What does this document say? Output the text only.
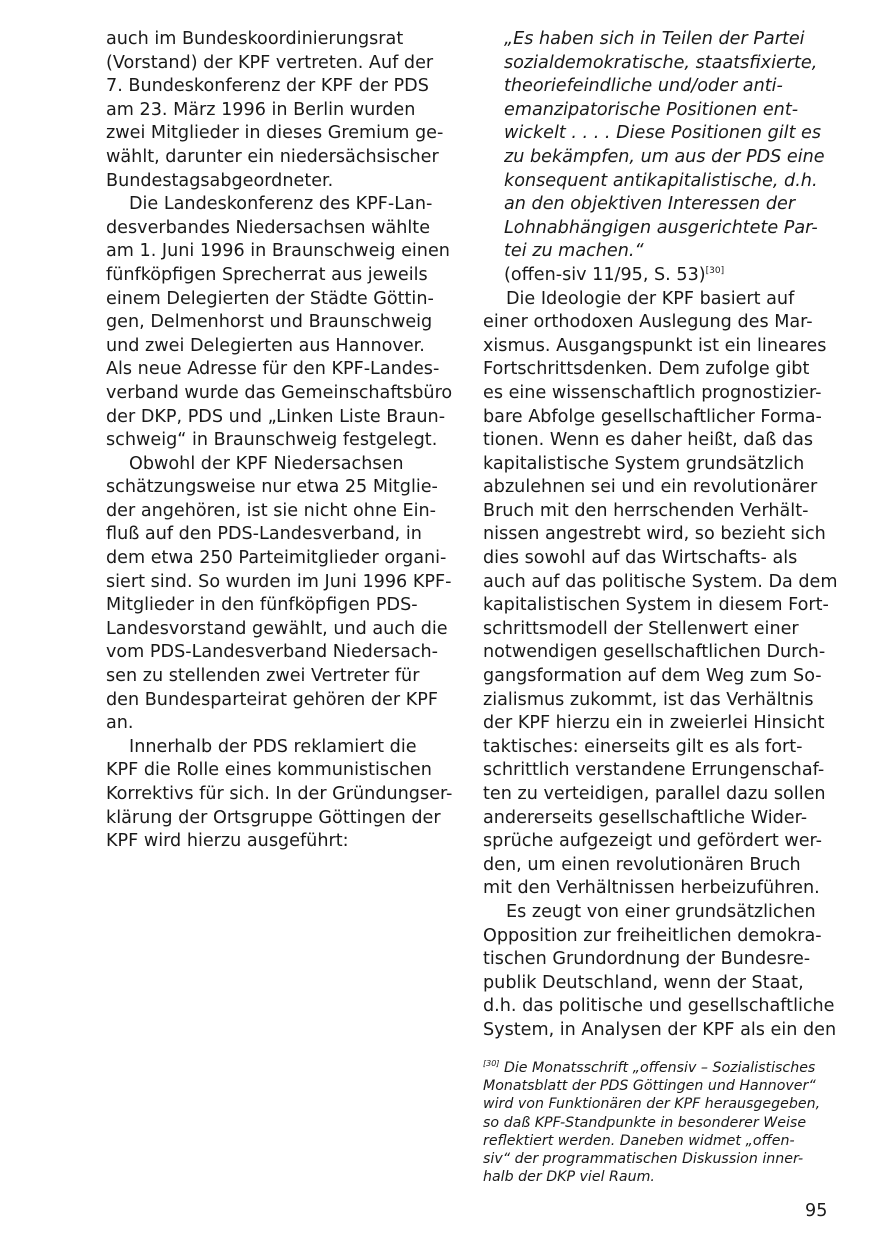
auch im Bundeskoordinierungsrat
(Vorstand) der KPF vertreten. Auf der
7. Bundeskonferenz der KPF der PDS
am 23. März 1996 in Berlin wurden
zwei Mitglieder in dieses Gremium ge-
wählt, darunter ein niedersächsischer
Bundestagsabgeordneter.
Die Landeskonferenz des KPF-Lan-
desverbandes Niedersachsen wählte
am 1. Juni 1996 in Braunschweig einen
fünfköpfigen Sprecherrat aus jeweils
einem Delegierten der Städte Göttin-
gen, Delmenhorst und Braunschweig
und zwei Delegierten aus Hannover.
Als neue Adresse für den KPF-Landes-
verband wurde das Gemeinschaftsbüro
der DKP, PDS und „Linken Liste Braun-
schweig“ in Braunschweig festgelegt.
Obwohl der KPF Niedersachsen
schätzungsweise nur etwa 25 Mitglie-
der angehören, ist sie nicht ohne Ein-
fluß auf den PDS-Landesverband, in
dem etwa 250 Parteimitglieder organi-
siert sind. So wurden im Juni 1996 KPF-
Mitglieder in den fünfköpfigen PDS-
Landesvorstand gewählt, und auch die
vom PDS-Landesverband Niedersach-
sen zu stellenden zwei Vertreter für
den Bundesparteirat gehören der KPF
an.
Innerhalb der PDS reklamiert die
KPF die Rolle eines kommunistischen
Korrektivs für sich. In der Gründungser-
klärung der Ortsgruppe Göttingen der
KPF wird hierzu ausgeführt:
„Es haben sich in Teilen der Partei
sozialdemokratische, staatsfixierte,
theoriefeindliche und/oder anti-
emanzipatorische Positionen ent-
wickelt . . . . Diese Positionen gilt es
zu bekämpfen, um aus der PDS eine
konsequent antikapitalistische, d.h.
an den objektiven Interessen der
Lohnabhängigen ausgerichtete Par-
tei zu machen.“
(offen-siv 11/95, S. 53)[30]
Die Ideologie der KPF basiert auf
einer orthodoxen Auslegung des Mar-
xismus. Ausgangspunkt ist ein lineares
Fortschrittsdenken. Dem zufolge gibt
es eine wissenschaftlich prognostizier-
bare Abfolge gesellschaftlicher Forma-
tionen. Wenn es daher heißt, daß das
kapitalistische System grundsätzlich
abzulehnen sei und ein revolutionärer
Bruch mit den herrschenden Verhält-
nissen angestrebt wird, so bezieht sich
dies sowohl auf das Wirtschafts- als
auch auf das politische System. Da dem
kapitalistischen System in diesem Fort-
schrittsmodell der Stellenwert einer
notwendigen gesellschaftlichen Durch-
gangsformation auf dem Weg zum So-
zialismus zukommt, ist das Verhältnis
der KPF hierzu ein in zweierlei Hinsicht
taktisches: einerseits gilt es als fort-
schrittlich verstandene Errungenschaf-
ten zu verteidigen, parallel dazu sollen
andererseits gesellschaftliche Wider-
sprüche aufgezeigt und gefördert wer-
den, um einen revolutionären Bruch
mit den Verhältnissen herbeizuführen.
Es zeugt von einer grundsätzlichen
Opposition zur freiheitlichen demokra-
tischen Grundordnung der Bundesre-
publik Deutschland, wenn der Staat,
d.h. das politische und gesellschaftliche
System, in Analysen der KPF als ein den
[30] Die Monatsschrift „offensiv – Sozialistisches
Monatsblatt der PDS Göttingen und Hannover“
wird von Funktionären der KPF herausgegeben,
so daß KPF-Standpunkte in besonderer Weise
reflektiert werden. Daneben widmet „offen-
siv“ der programmatischen Diskussion inner-
halb der DKP viel Raum.
95
